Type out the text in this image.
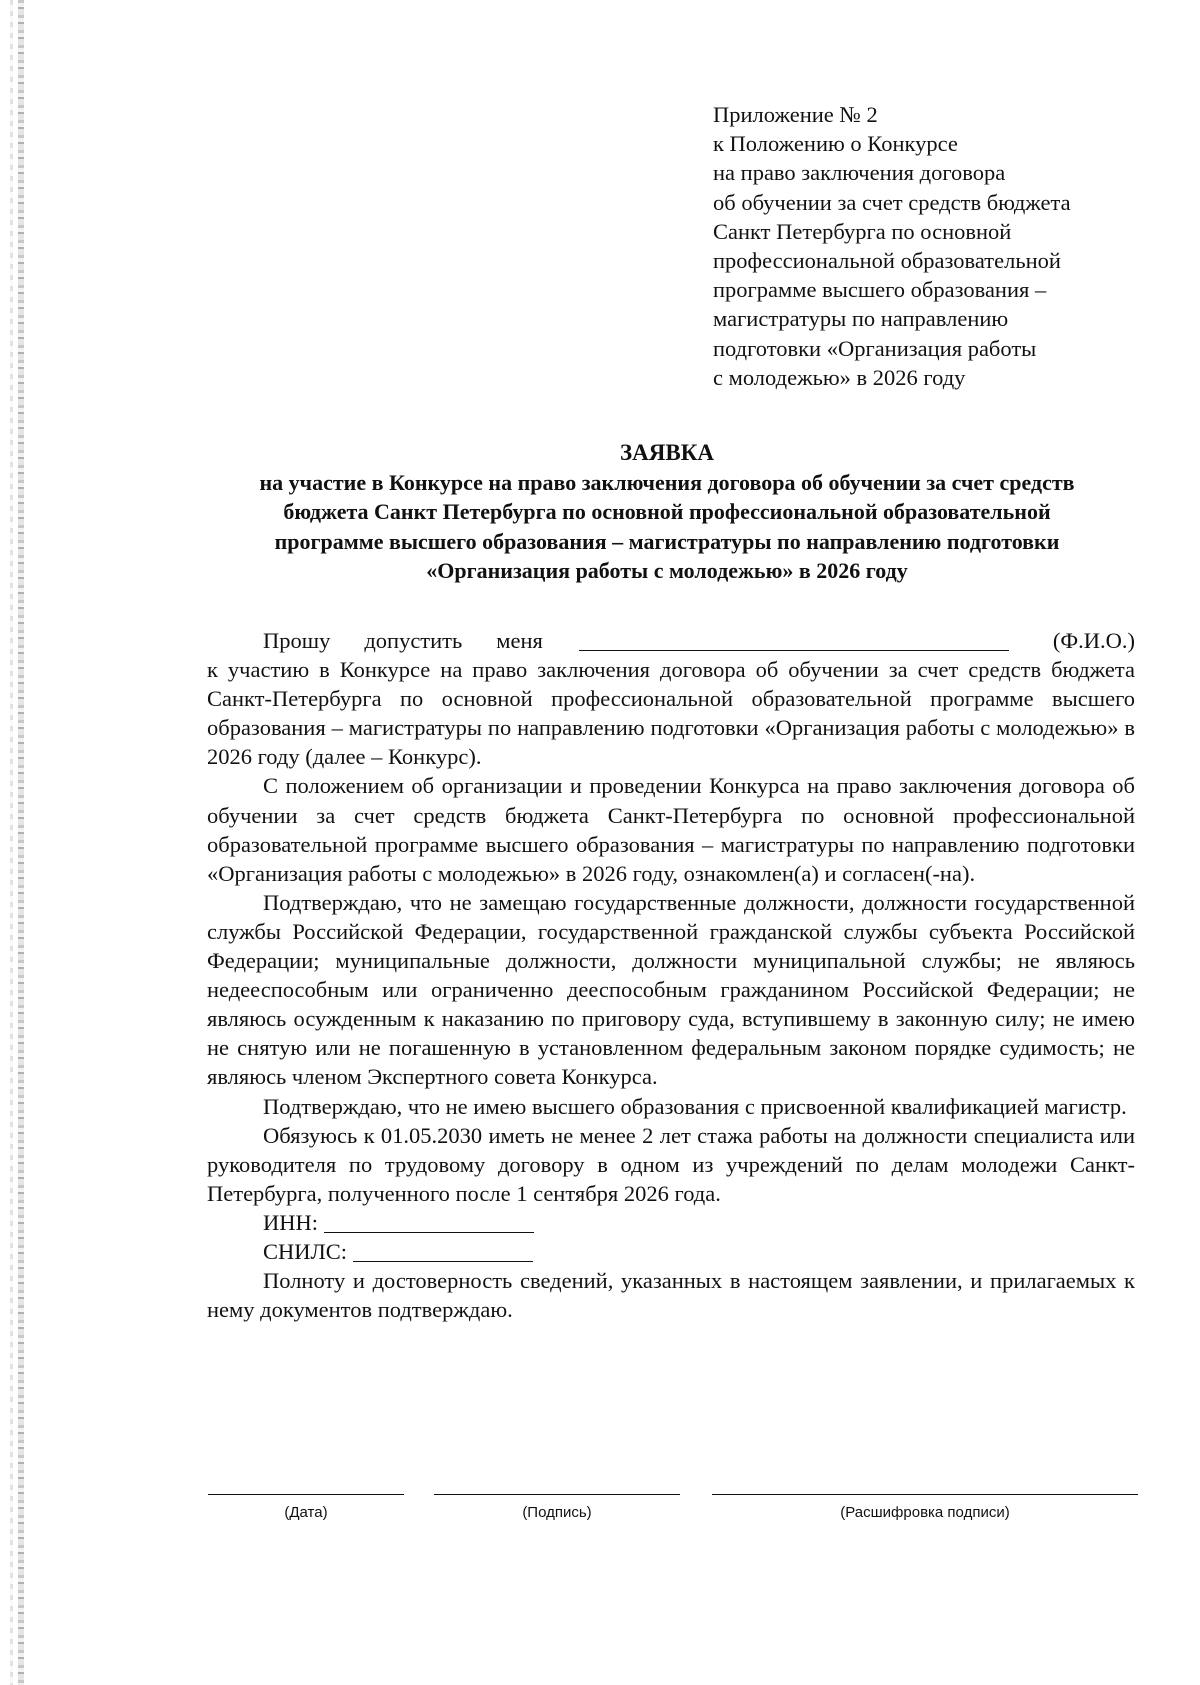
Приложение № 2
к Положению о Конкурсе
на право заключения договора
об обучении за счет средств бюджета
Санкт Петербурга по основной
профессиональной образовательной
программе высшего образования –
магистратуры по направлению
подготовки «Организация работы
с молодежью» в 2026 году
ЗАЯВКА
на участие в Конкурсе на право заключения договора об обучении за счет средств
бюджета Санкт Петербурга по основной профессиональной образовательной
программе высшего образования – магистратуры по направлению подготовки
«Организация работы с молодежью» в 2026 году
Прошу допустить меня	(Ф.И.О.)

к участию в Конкурсе на право заключения договора об обучении за счет средств бюджета Санкт-Петербурга по основной профессиональной образовательной программе высшего образования – магистратуры по направлению подготовки «Организация работы с молодежью» в 2026 году (далее – Конкурс).

С положением об организации и проведении Конкурса на право заключения договора об обучении за счет средств бюджета Санкт-Петербурга по основной профессиональной образовательной программе высшего образования – магистратуры по направлению подготовки «Организация работы с молодежью» в 2026 году, ознакомлен(а) и согласен(-на).

Подтверждаю, что не замещаю государственные должности, должности государственной службы Российской Федерации, государственной гражданской службы субъекта Российской Федерации; муниципальные должности, должности муниципальной службы; не являюсь недееспособным или ограниченно дееспособным гражданином Российской Федерации; не являюсь осужденным к наказанию по приговору суда, вступившему в законную силу; не имею не снятую или не погашенную в установленном федеральным законом порядке судимость; не являюсь членом Экспертного совета Конкурса.

Подтверждаю, что не имею высшего образования с присвоенной квалификацией магистр.

Обязуюсь к 01.05.2030 иметь не менее 2 лет стажа работы на должности специалиста или руководителя по трудовому договору в одном из учреждений по делам молодежи Санкт-Петербурга, полученного после 1 сентября 2026 года.

ИНН:
СНИЛС:

Полноту и достоверность сведений, указанных в настоящем заявлении, и прилагаемых к нему документов подтверждаю.

(Дата)	(Подпись)	(Расшифровка подписи)
